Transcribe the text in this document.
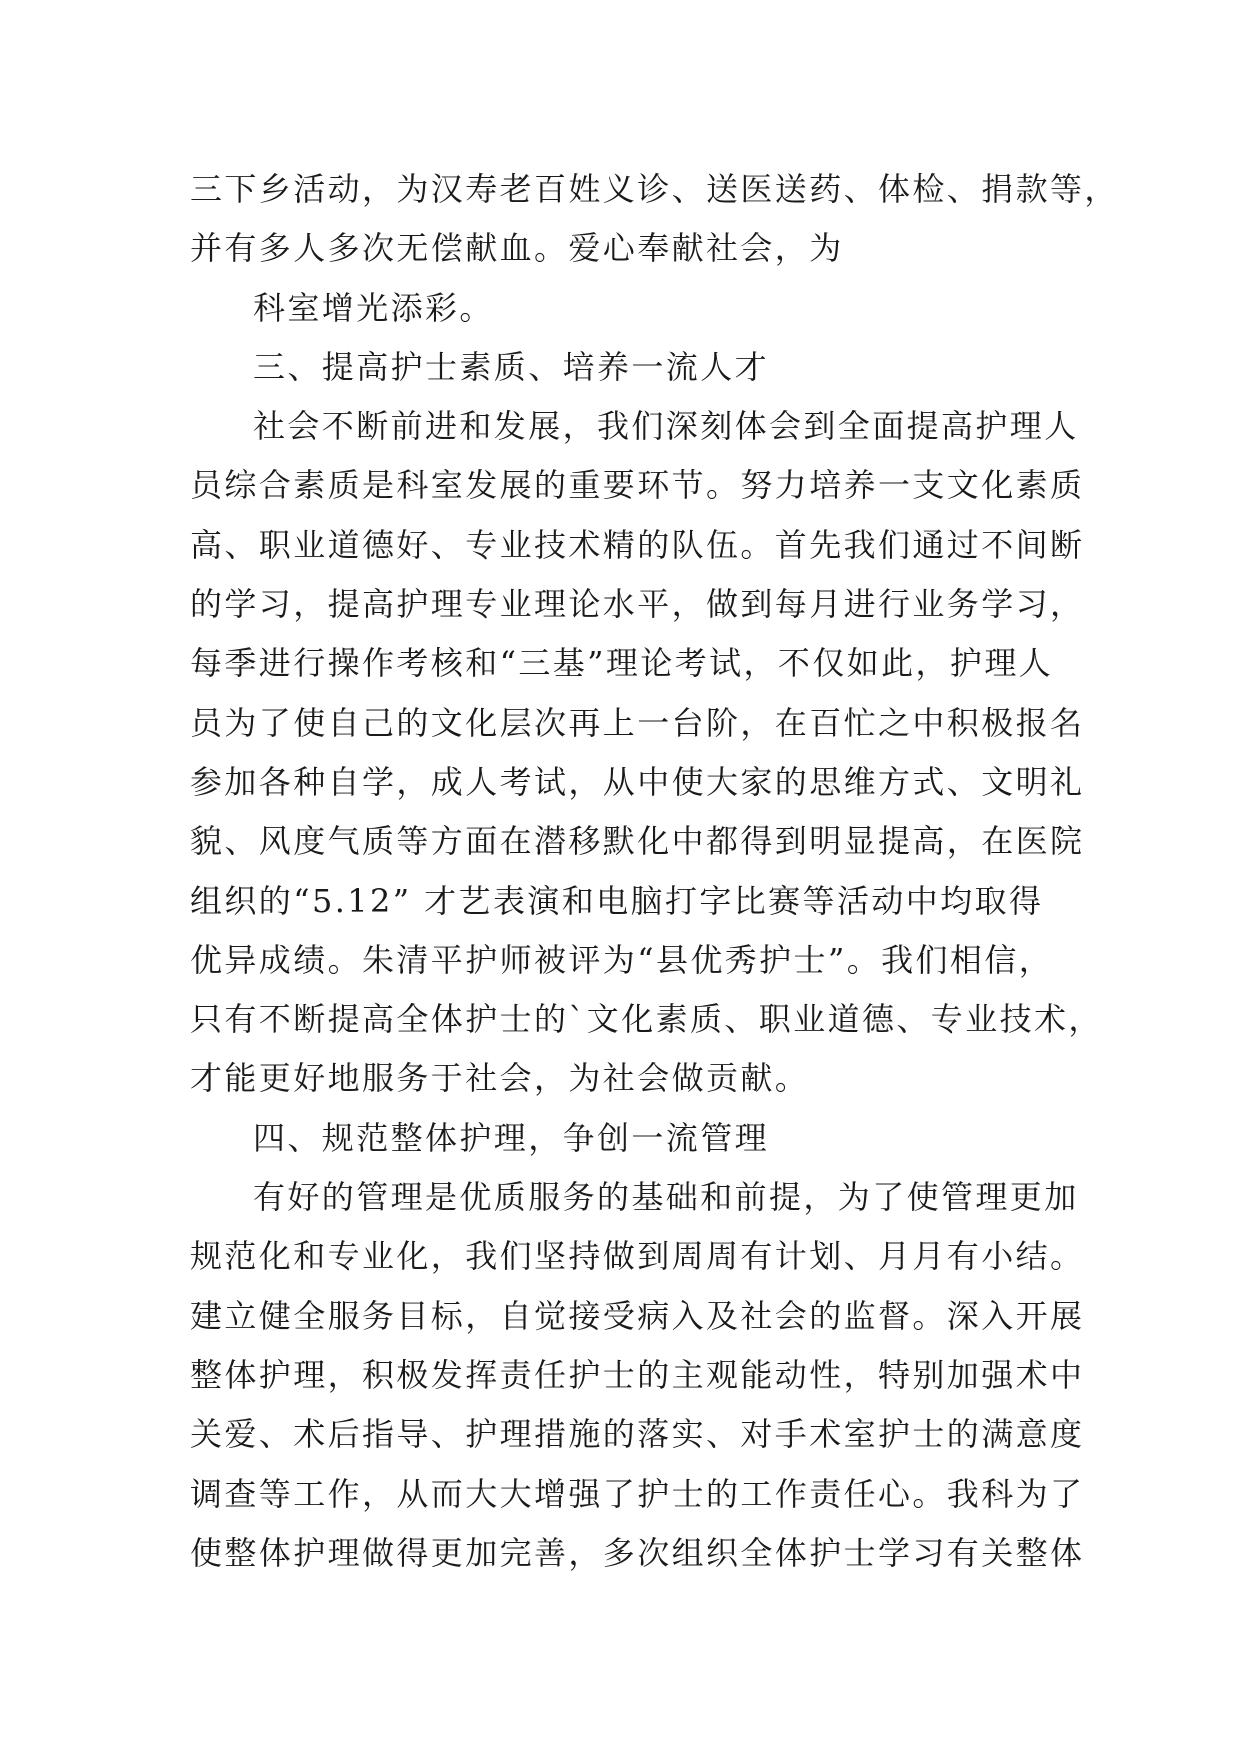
三下乡活动，为汉寿老百姓义诊、送医送药、体检、捐款等，
并有多人多次无偿献血。爱心奉献社会，为
科室增光添彩。
三、提高护士素质、培养一流人才
社会不断前进和发展，我们深刻体会到全面提高护理人
员综合素质是科室发展的重要环节。努力培养一支文化素质
高、职业道德好、专业技术精的队伍。首先我们通过不间断
的学习，提高护理专业理论水平，做到每月进行业务学习，
每季进行操作考核和“三基”理论考试，不仅如此，护理人
员为了使自己的文化层次再上一台阶，在百忙之中积极报名
参加各种自学，成人考试，从中使大家的思维方式、文明礼
貌、风度气质等方面在潜移默化中都得到明显提高，在医院
组织的“5.12” 才艺表演和电脑打字比赛等活动中均取得
优异成绩。朱清平护师被评为“县优秀护士”。我们相信，
只有不断提高全体护士的`文化素质、职业道德、专业技术，
才能更好地服务于社会，为社会做贡献。
四、规范整体护理，争创一流管理
有好的管理是优质服务的基础和前提，为了使管理更加
规范化和专业化，我们坚持做到周周有计划、月月有小结。
建立健全服务目标，自觉接受病入及社会的监督。深入开展
整体护理，积极发挥责任护士的主观能动性，特别加强术中
关爱、术后指导、护理措施的落实、对手术室护士的满意度
调查等工作，从而大大增强了护士的工作责任心。我科为了
使整体护理做得更加完善，多次组织全体护士学习有关整体
